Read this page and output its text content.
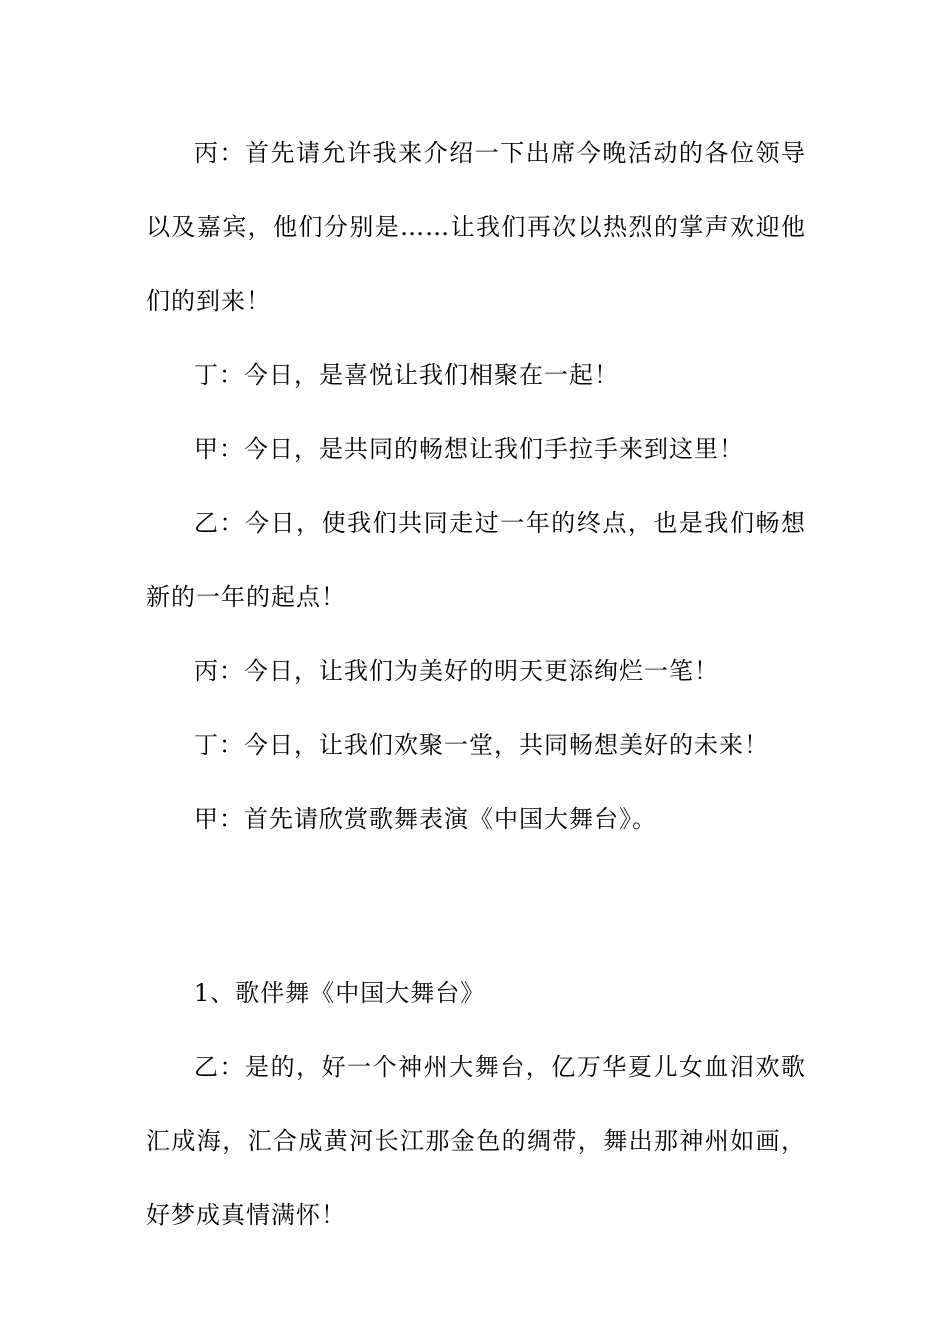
丙：首先请允许我来介绍一下出席今晚活动的各位领导以及嘉宾，他们分别是……让我们再次以热烈的掌声欢迎他们的到来！

丁：今日，是喜悦让我们相聚在一起！

甲：今日，是共同的畅想让我们手拉手来到这里！

乙：今日，使我们共同走过一年的终点，也是我们畅想新的一年的起点！

丙：今日，让我们为美好的明天更添绚烂一笔！

丁：今日，让我们欢聚一堂，共同畅想美好的未来！

甲：首先请欣赏歌舞表演《中国大舞台》。

1、歌伴舞《中国大舞台》

乙：是的，好一个神州大舞台，亿万华夏儿女血泪欢歌汇成海，汇合成黄河长江那金色的绸带，舞出那神州如画，好梦成真情满怀！
